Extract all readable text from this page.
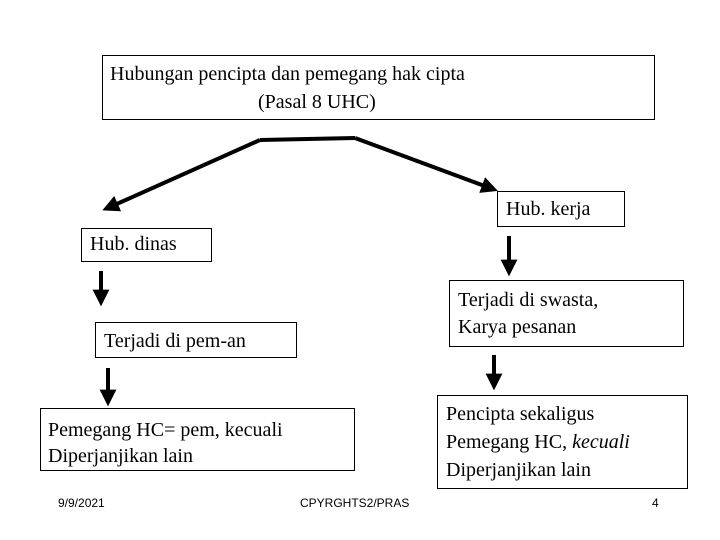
Hubungan pencipta dan pemegang hak cipta
(Pasal 8 UHC)
Hub. dinas
Terjadi di pem-an
Pemegang HC= pem, kecuali
Diperjanjikan lain
Hub. kerja
Terjadi di swasta,
Karya pesanan
Pencipta sekaligus
Pemegang HC, kecuali
Diperjanjikan lain
9/9/2021	CPYRGHTS2/PRAS	4
